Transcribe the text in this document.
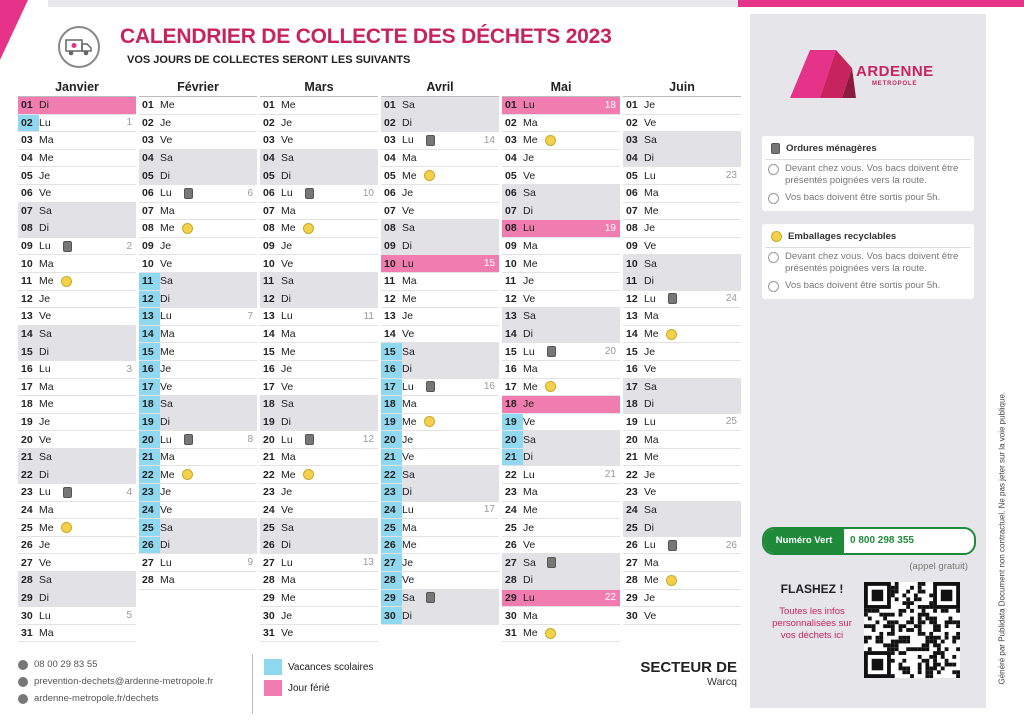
CALENDRIER DE COLLECTE DES DÉCHETS 2023
VOS JOURS DE COLLECTES SERONT LES SUIVANTS
Janvier
01 Di
02 Lu	1
03 Ma
04 Me
05 Je
06 Ve
07 Sa
08 Di
09 Lu	2
10 Ma
11 Me
12 Je
13 Ve
14 Sa
15 Di
16 Lu	3
17 Ma
18 Me
19 Je
20 Ve
21 Sa
22 Di
23 Lu	4
24 Ma
25 Me
26 Je
27 Ve
28 Sa
29 Di
30 Lu	5
31 Ma
Février
01 Me
02 Je
03 Ve
04 Sa
05 Di
06 Lu	6
07 Ma
08 Me
09 Je
10 Ve
11 Sa
12 Di
13 Lu	7
14 Ma
15 Me
16 Je
17 Ve
18 Sa
19 Di
20 Lu	8
21 Ma
22 Me
23 Je
24 Ve
25 Sa
26 Di
27 Lu	9
28 Ma
Mars
01 Me
02 Je
03 Ve
04 Sa
05 Di
06 Lu	10
07 Ma
08 Me
09 Je
10 Ve
11 Sa
12 Di
13 Lu	11
14 Ma
15 Me
16 Je
17 Ve
18 Sa
19 Di
20 Lu	12
21 Ma
22 Me
23 Je
24 Ve
25 Sa
26 Di
27 Lu	13
28 Ma
29 Me
30 Je
31 Ve
Avril
01 Sa
02 Di
03 Lu	14
04 Ma
05 Me
06 Je
07 Ve
08 Sa
09 Di
10 Lu	15
11 Ma
12 Me
13 Je
14 Ve
15 Sa
16 Di
17 Lu	16
18 Ma
19 Me
20 Je
21 Ve
22 Sa
23 Di
24 Lu	17
25 Ma
26 Me
27 Je
28 Ve
29 Sa
30 Di
Mai
01 Lu	18
02 Ma
03 Me
04 Je
05 Ve
06 Sa
07 Di
08 Lu	19
09 Ma
10 Me
11 Je
12 Ve
13 Sa
14 Di
15 Lu	20
16 Ma
17 Me
18 Je
19 Ve
20 Sa
21 Di
22 Lu	21
23 Ma
24 Me
25 Je
26 Ve
27 Sa
28 Di
29 Lu	22
30 Ma
31 Me
Juin
01 Je
02 Ve
03 Sa
04 Di
05 Lu	23
06 Ma
07 Me
08 Je
09 Ve
10 Sa
11 Di
12 Lu	24
13 Ma
14 Me
15 Je
16 Ve
17 Sa
18 Di
19 Lu	25
20 Ma
21 Me
22 Je
23 Ve
24 Sa
25 Di
26 Lu	26
27 Ma
28 Me
29 Je
30 Ve
ARDENNE
METROPOLE
Ordures ménagères
Devant chez vous. Vos bacs doivent être présentés poignées vers la route.
Vos bacs doivent être sortis pour 5h.
Emballages recyclables
Devant chez vous. Vos bacs doivent être présentés poignées vers la route.
Vos bacs doivent être sortis pour 5h.
Numéro Vert	0 800 298 355
(appel gratuit)
FLASHEZ !
Toutes les infos personnalisées sur vos déchets ici	Généré par Publidata Document non contractuel. Ne pas jeter sur la voie publique.
08 00 29 83 55
prevention-dechets@ardenne-metropole.fr
ardenne-metropole.fr/dechets
Vacances scolaires
Jour férié
SECTEUR DE
Warcq
